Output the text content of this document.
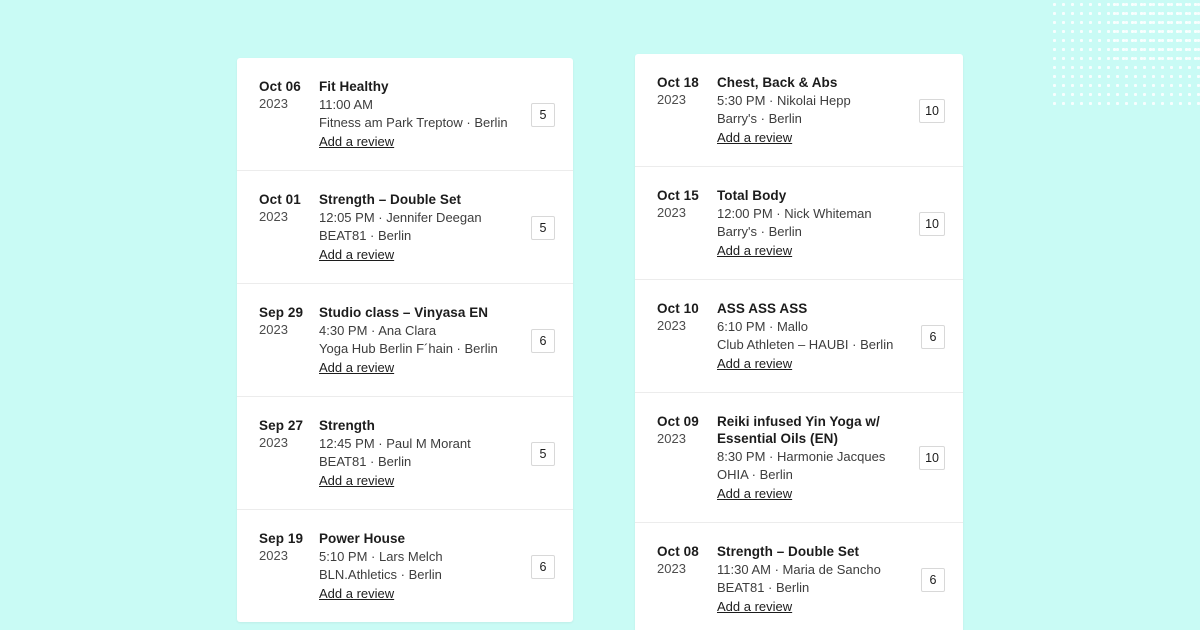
Oct 06
2023
Fit Healthy
11:00 AM
Fitness am Park Treptow · Berlin
Add a review
5
Oct 01
2023
Strength – Double Set
12:05 PM · Jennifer Deegan
BEAT81 · Berlin
Add a review
5
Sep 29
2023
Studio class – Vinyasa EN
4:30 PM · Ana Clara
Yoga Hub Berlin F´hain · Berlin
Add a review
6
Sep 27
2023
Strength
12:45 PM · Paul M Morant
BEAT81 · Berlin
Add a review
5
Sep 19
2023
Power House
5:10 PM · Lars Melch
BLN.Athletics · Berlin
Add a review
6
Oct 18
2023
Chest, Back & Abs
5:30 PM · Nikolai Hepp
Barry's · Berlin
Add a review
10
Oct 15
2023
Total Body
12:00 PM · Nick Whiteman
Barry's · Berlin
Add a review
10
Oct 10
2023
ASS ASS ASS
6:10 PM · Mallo
Club Athleten – HAUBI · Berlin
Add a review
6
Oct 09
2023
Reiki infused Yin Yoga w/ Essential Oils (EN)
8:30 PM · Harmonie Jacques
OHIA · Berlin
Add a review
10
Oct 08
2023
Strength – Double Set
11:30 AM · Maria de Sancho
BEAT81 · Berlin
Add a review
6
